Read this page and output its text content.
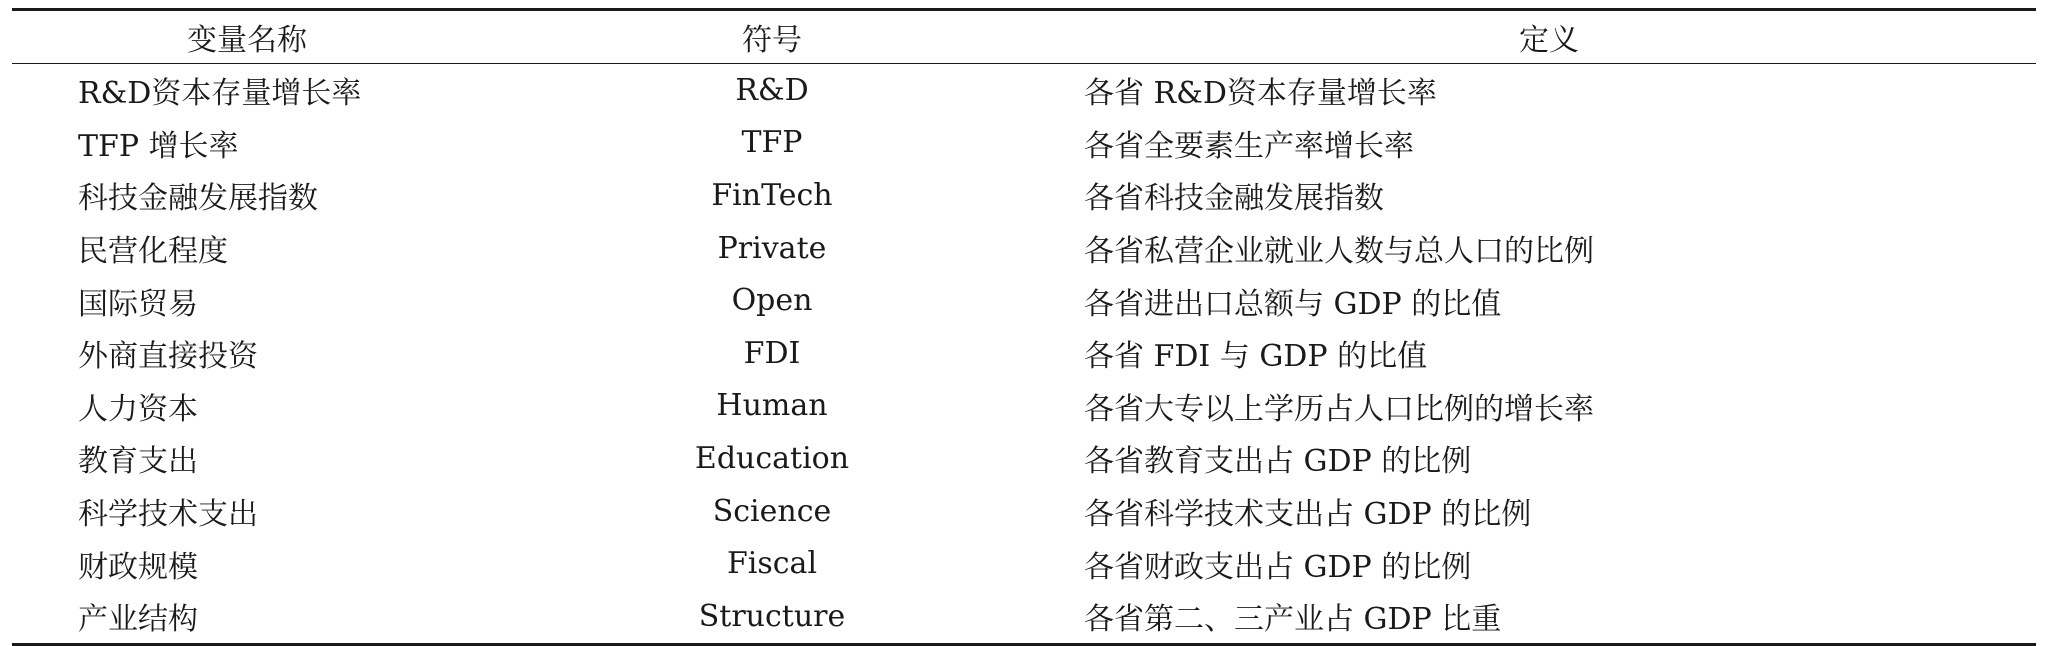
变量名称	符号	定义
R&D资本存量增长率	R&D	各省 R&D资本存量增长率
TFP 增长率	TFP	各省全要素生产率增长率
科技金融发展指数	FinTech	各省科技金融发展指数
民营化程度	Private	各省私营企业就业人数与总人口的比例
国际贸易	Open	各省进出口总额与 GDP 的比值
外商直接投资	FDI	各省 FDI 与 GDP 的比值
人力资本	Human	各省大专以上学历占人口比例的增长率
教育支出	Education	各省教育支出占 GDP 的比例
科学技术支出	Science	各省科学技术支出占 GDP 的比例
财政规模	Fiscal	各省财政支出占 GDP 的比例
产业结构	Structure	各省第二、三产业占 GDP 比重
